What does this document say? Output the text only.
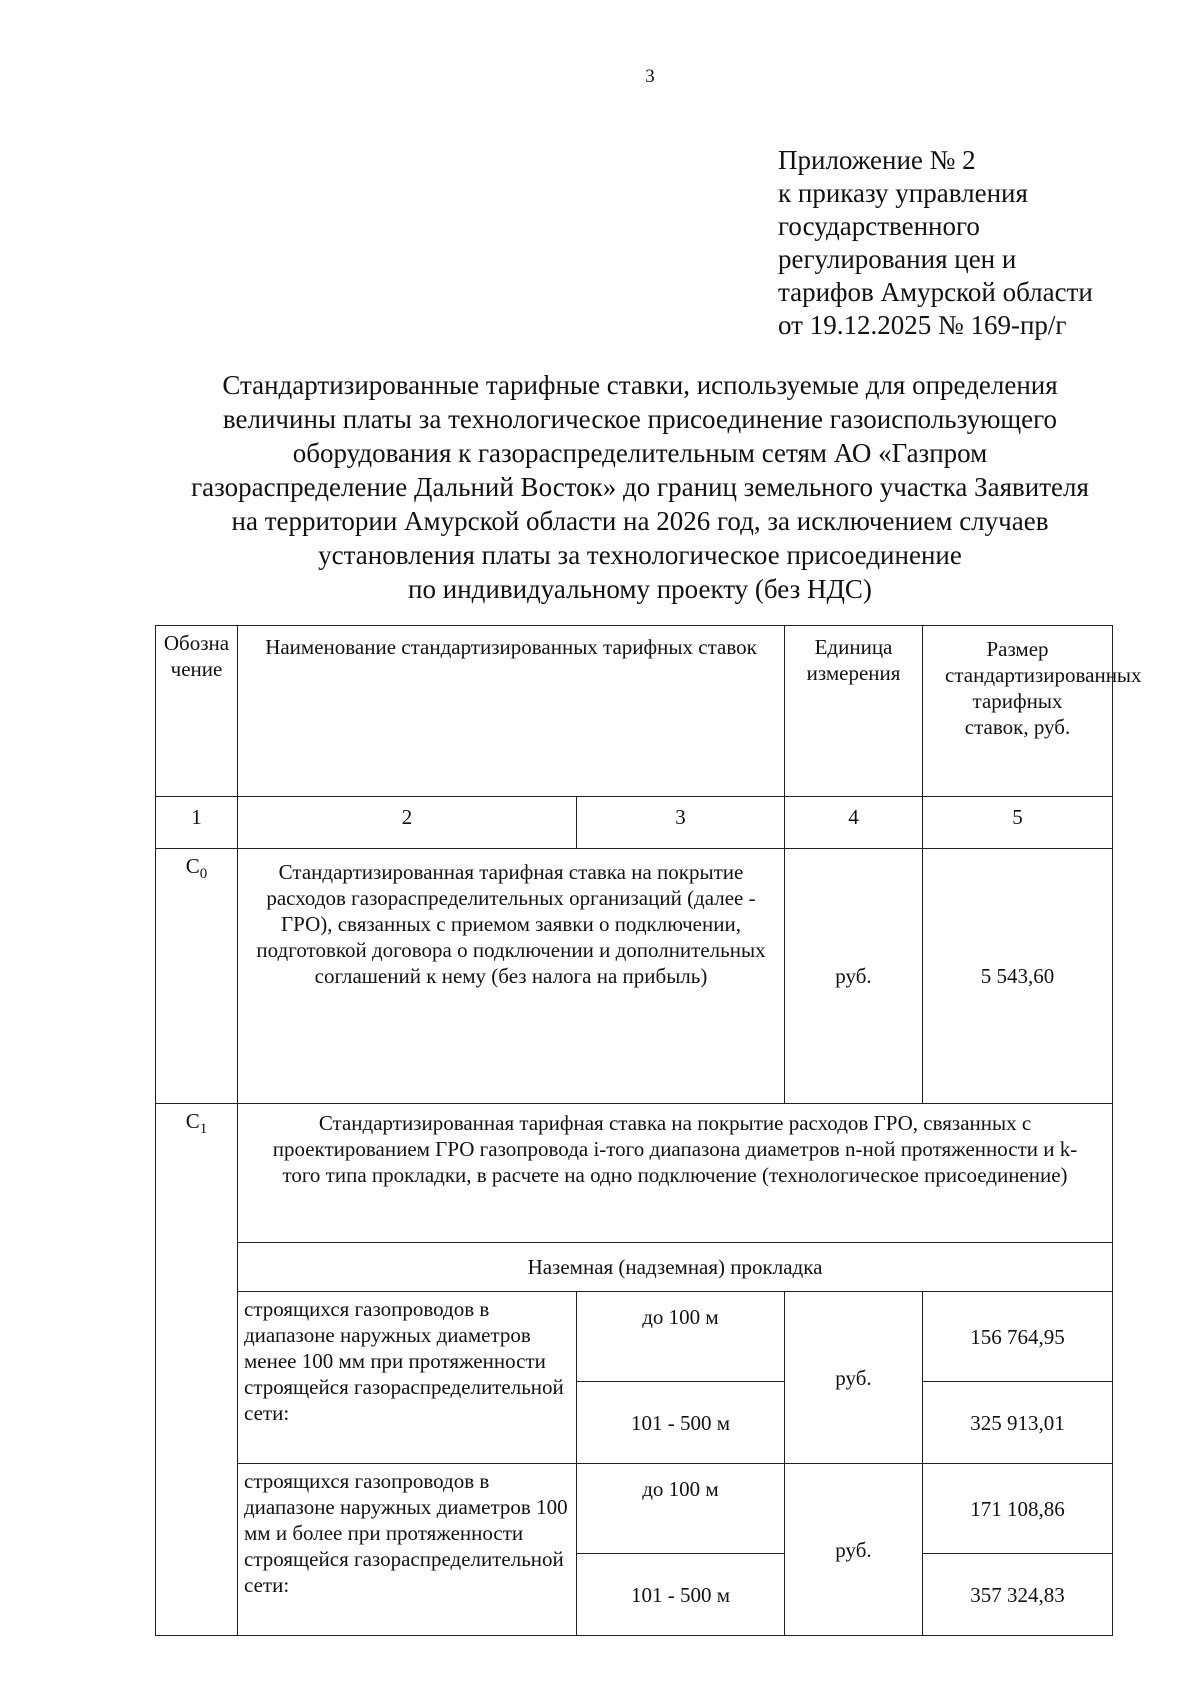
3
Приложение № 2
к приказу управления
государственного
регулирования цен и
тарифов Амурской области
от 19.12.2025 № 169-пр/г
Стандартизированные тарифные ставки, используемые для определения
величины платы за технологическое присоединение газоиспользующего
оборудования к газораспределительным сетям АО «Газпром
газораспределение Дальний Восток» до границ земельного участка Заявителя
на территории Амурской области на 2026 год, за исключением случаев
установления платы за технологическое присоединение
по индивидуальному проекту (без НДС)
Обозначение	Наименование стандартизированных тарифных ставок		Единица измерения	Размер стандартизированных тарифных ставок, руб.
1	2	3	4	5
$C_0$	Стандартизированная тарифная ставка на покрытие расходов газораспределительных организаций (далее - ГРО), связанных с приемом заявки о подключении, подготовкой договора о подключении и дополнительных соглашений к нему (без налога на прибыль)		руб.	5 543,60
$C_1$	Стандартизированная тарифная ставка на покрытие расходов ГРО, связанных с проектированием ГРО газопровода i-того диапазона диаметров n-ной протяженности и k-того типа прокладки, в расчете на одно подключение (технологическое присоединение)			
	Наземная (надземная) прокладка			
	строящихся газопроводов в диапазоне наружных диаметров менее 100 мм при протяженности строящейся газораспределительной сети:	до 100 м	руб.	156 764,95
		101 - 500 м		325 913,01
	строящихся газопроводов в диапазоне наружных диаметров 100 мм и более при протяженности строящейся газораспределительной сети:	до 100 м	руб.	171 108,86
		101 - 500 м		357 324,83
